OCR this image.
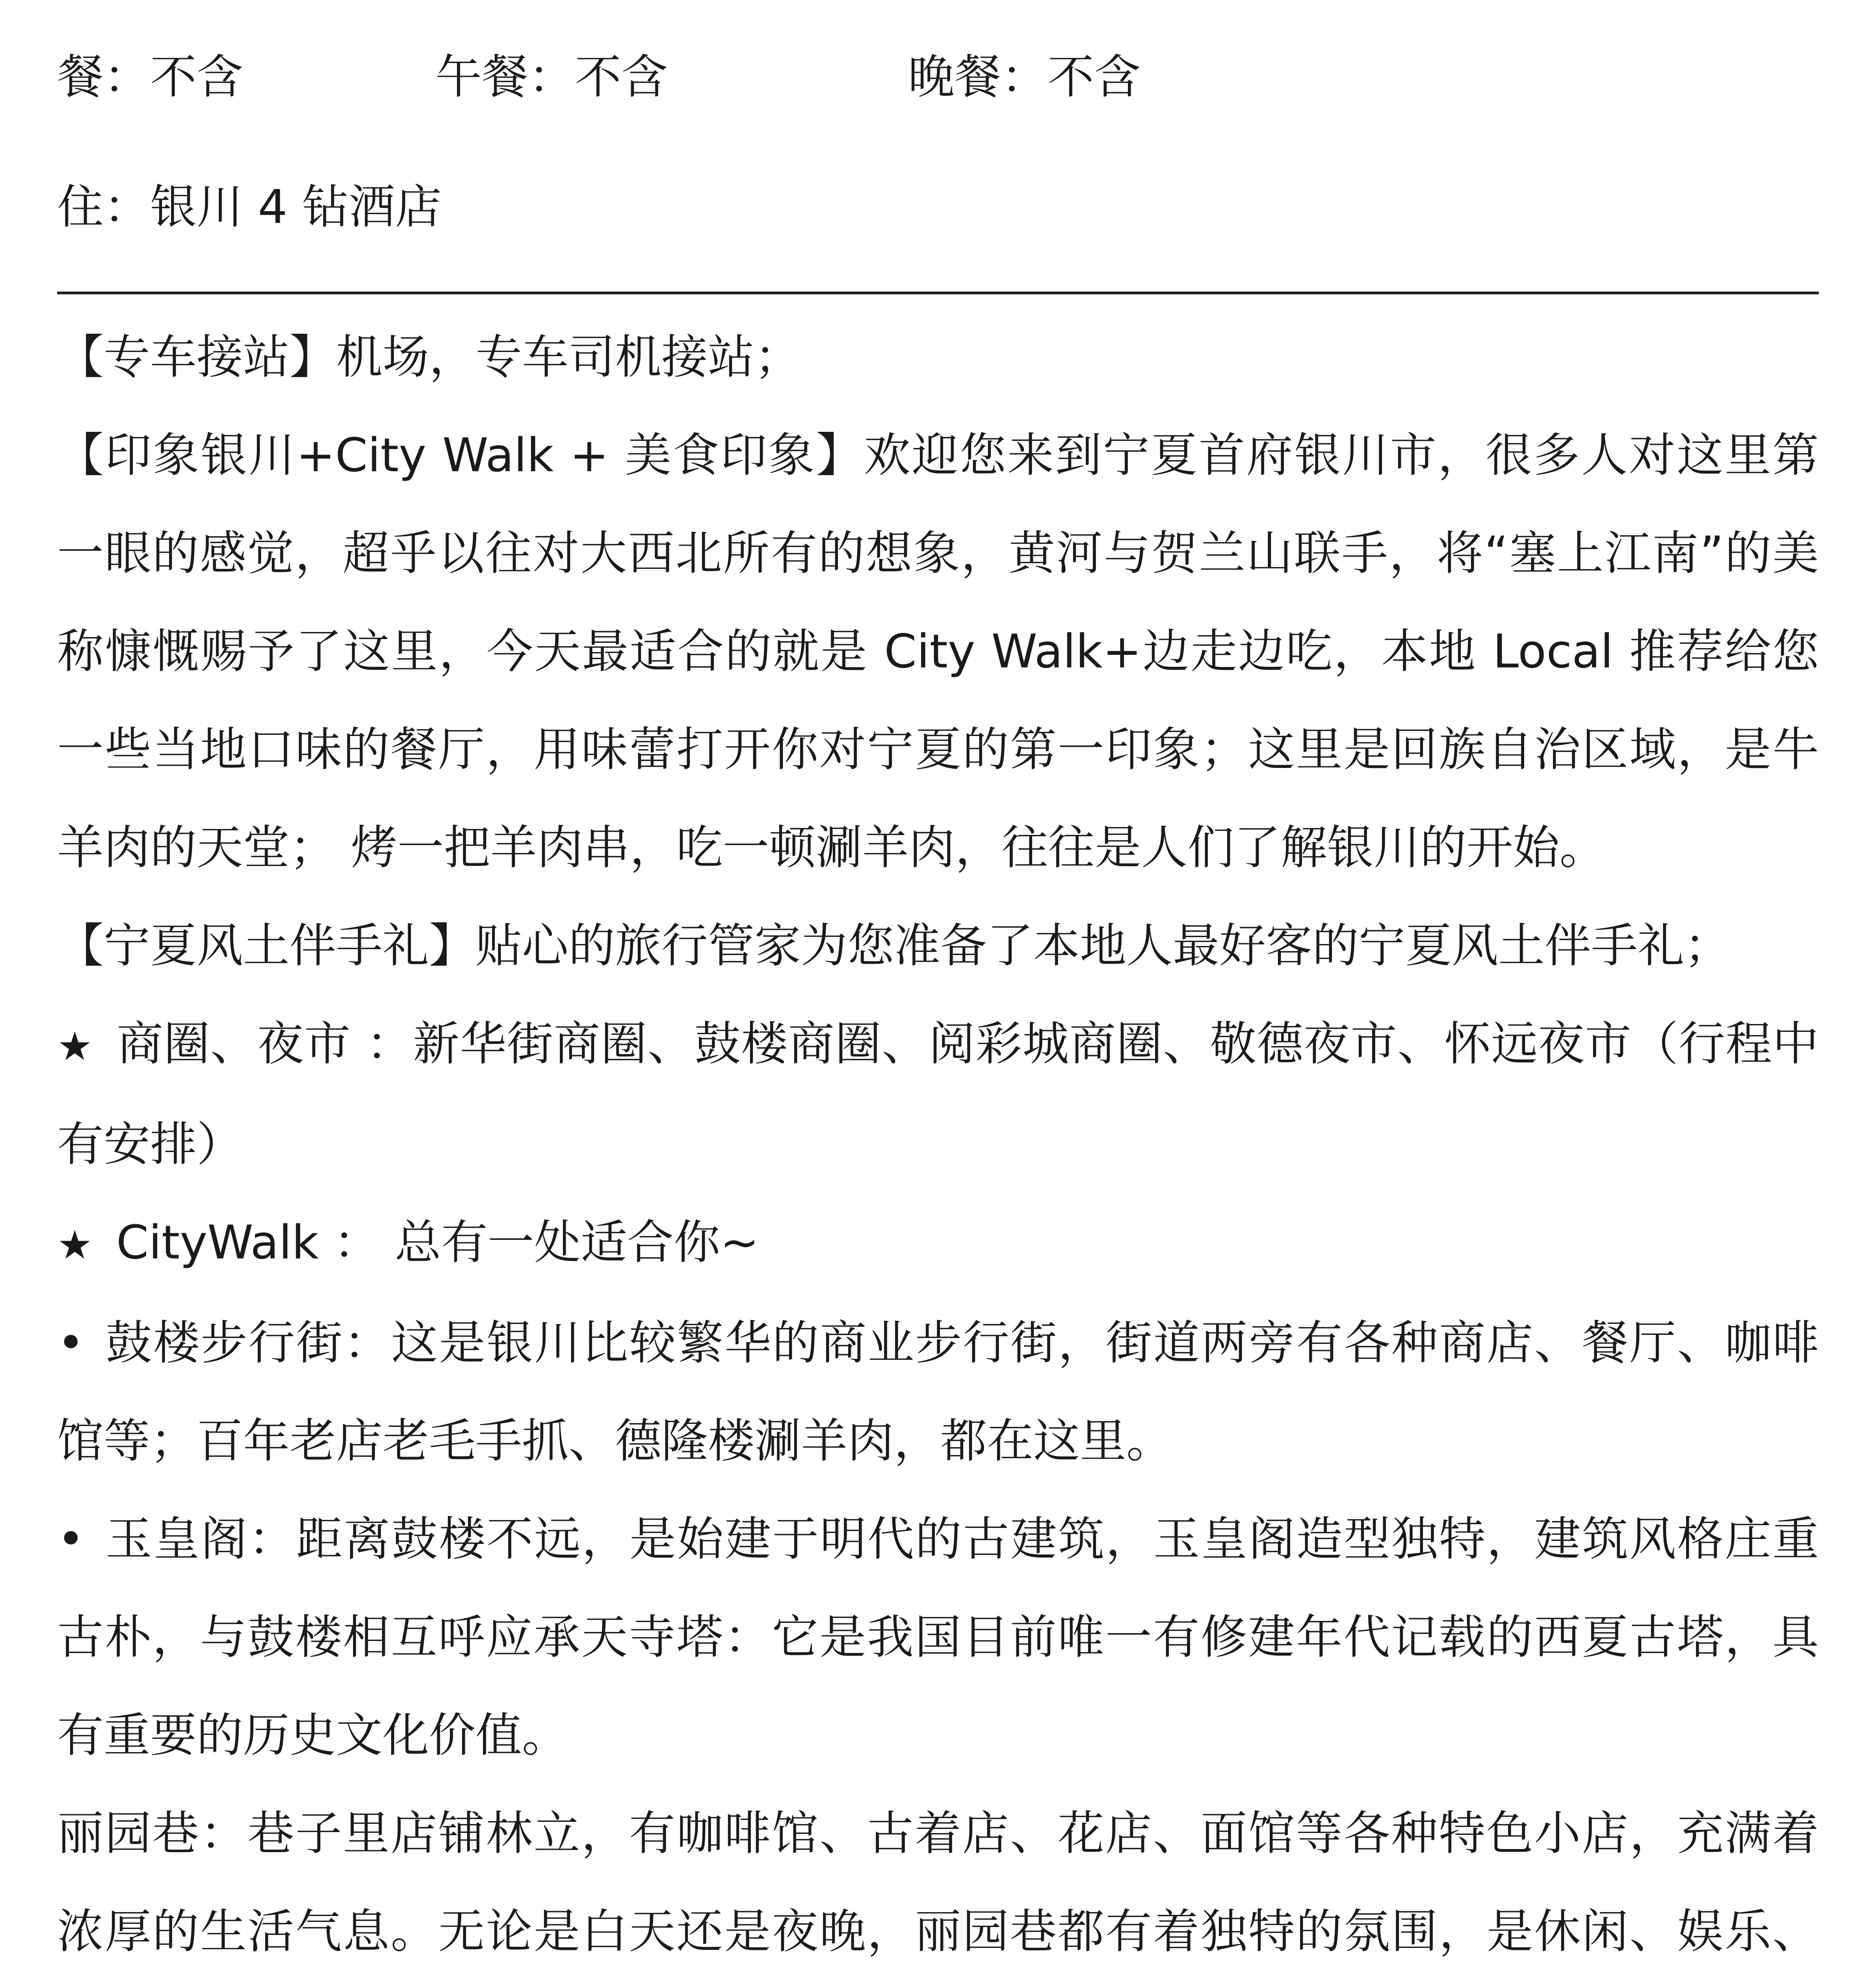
餐：不含	午餐：不含	晚餐：不含
住：银川 4 钻酒店

【专车接站】机场，专车司机接站；

【印象银川+City Walk + 美食印象】欢迎您来到宁夏首府银川市，很多人对这里第一眼的感觉，超乎以往对大西北所有的想象，黄河与贺兰山联手，将“塞上江南”的美称慷慨赐予了这里，今天最适合的就是 City Walk+边走边吃，本地 Local 推荐给您一些当地口味的餐厅，用味蕾打开你对宁夏的第一印象；这里是回族自治区域，是牛羊肉的天堂； 烤一把羊肉串，吃一顿涮羊肉，往往是人们了解银川的开始。

【宁夏风土伴手礼】贴心的旅行管家为您准备了本地人最好客的宁夏风土伴手礼；

★ 商圈、夜市 ：新华街商圈、鼓楼商圈、阅彩城商圈、敬德夜市、怀远夜市（行程中有安排）

★ CityWalk ： 总有一处适合你~

• 鼓楼步行街：这是银川比较繁华的商业步行街，街道两旁有各种商店、餐厅、咖啡馆等；百年老店老毛手抓、德隆楼涮羊肉，都在这里。

• 玉皇阁：距离鼓楼不远，是始建于明代的古建筑，玉皇阁造型独特，建筑风格庄重古朴，与鼓楼相互呼应承天寺塔：它是我国目前唯一有修建年代记载的西夏古塔，具有重要的历史文化价值。

丽园巷：巷子里店铺林立，有咖啡馆、古着店、花店、面馆等各种特色小店，充满着浓厚的生活气息。无论是白天还是夜晚，丽园巷都有着独特的氛围，是休闲、娱乐、
